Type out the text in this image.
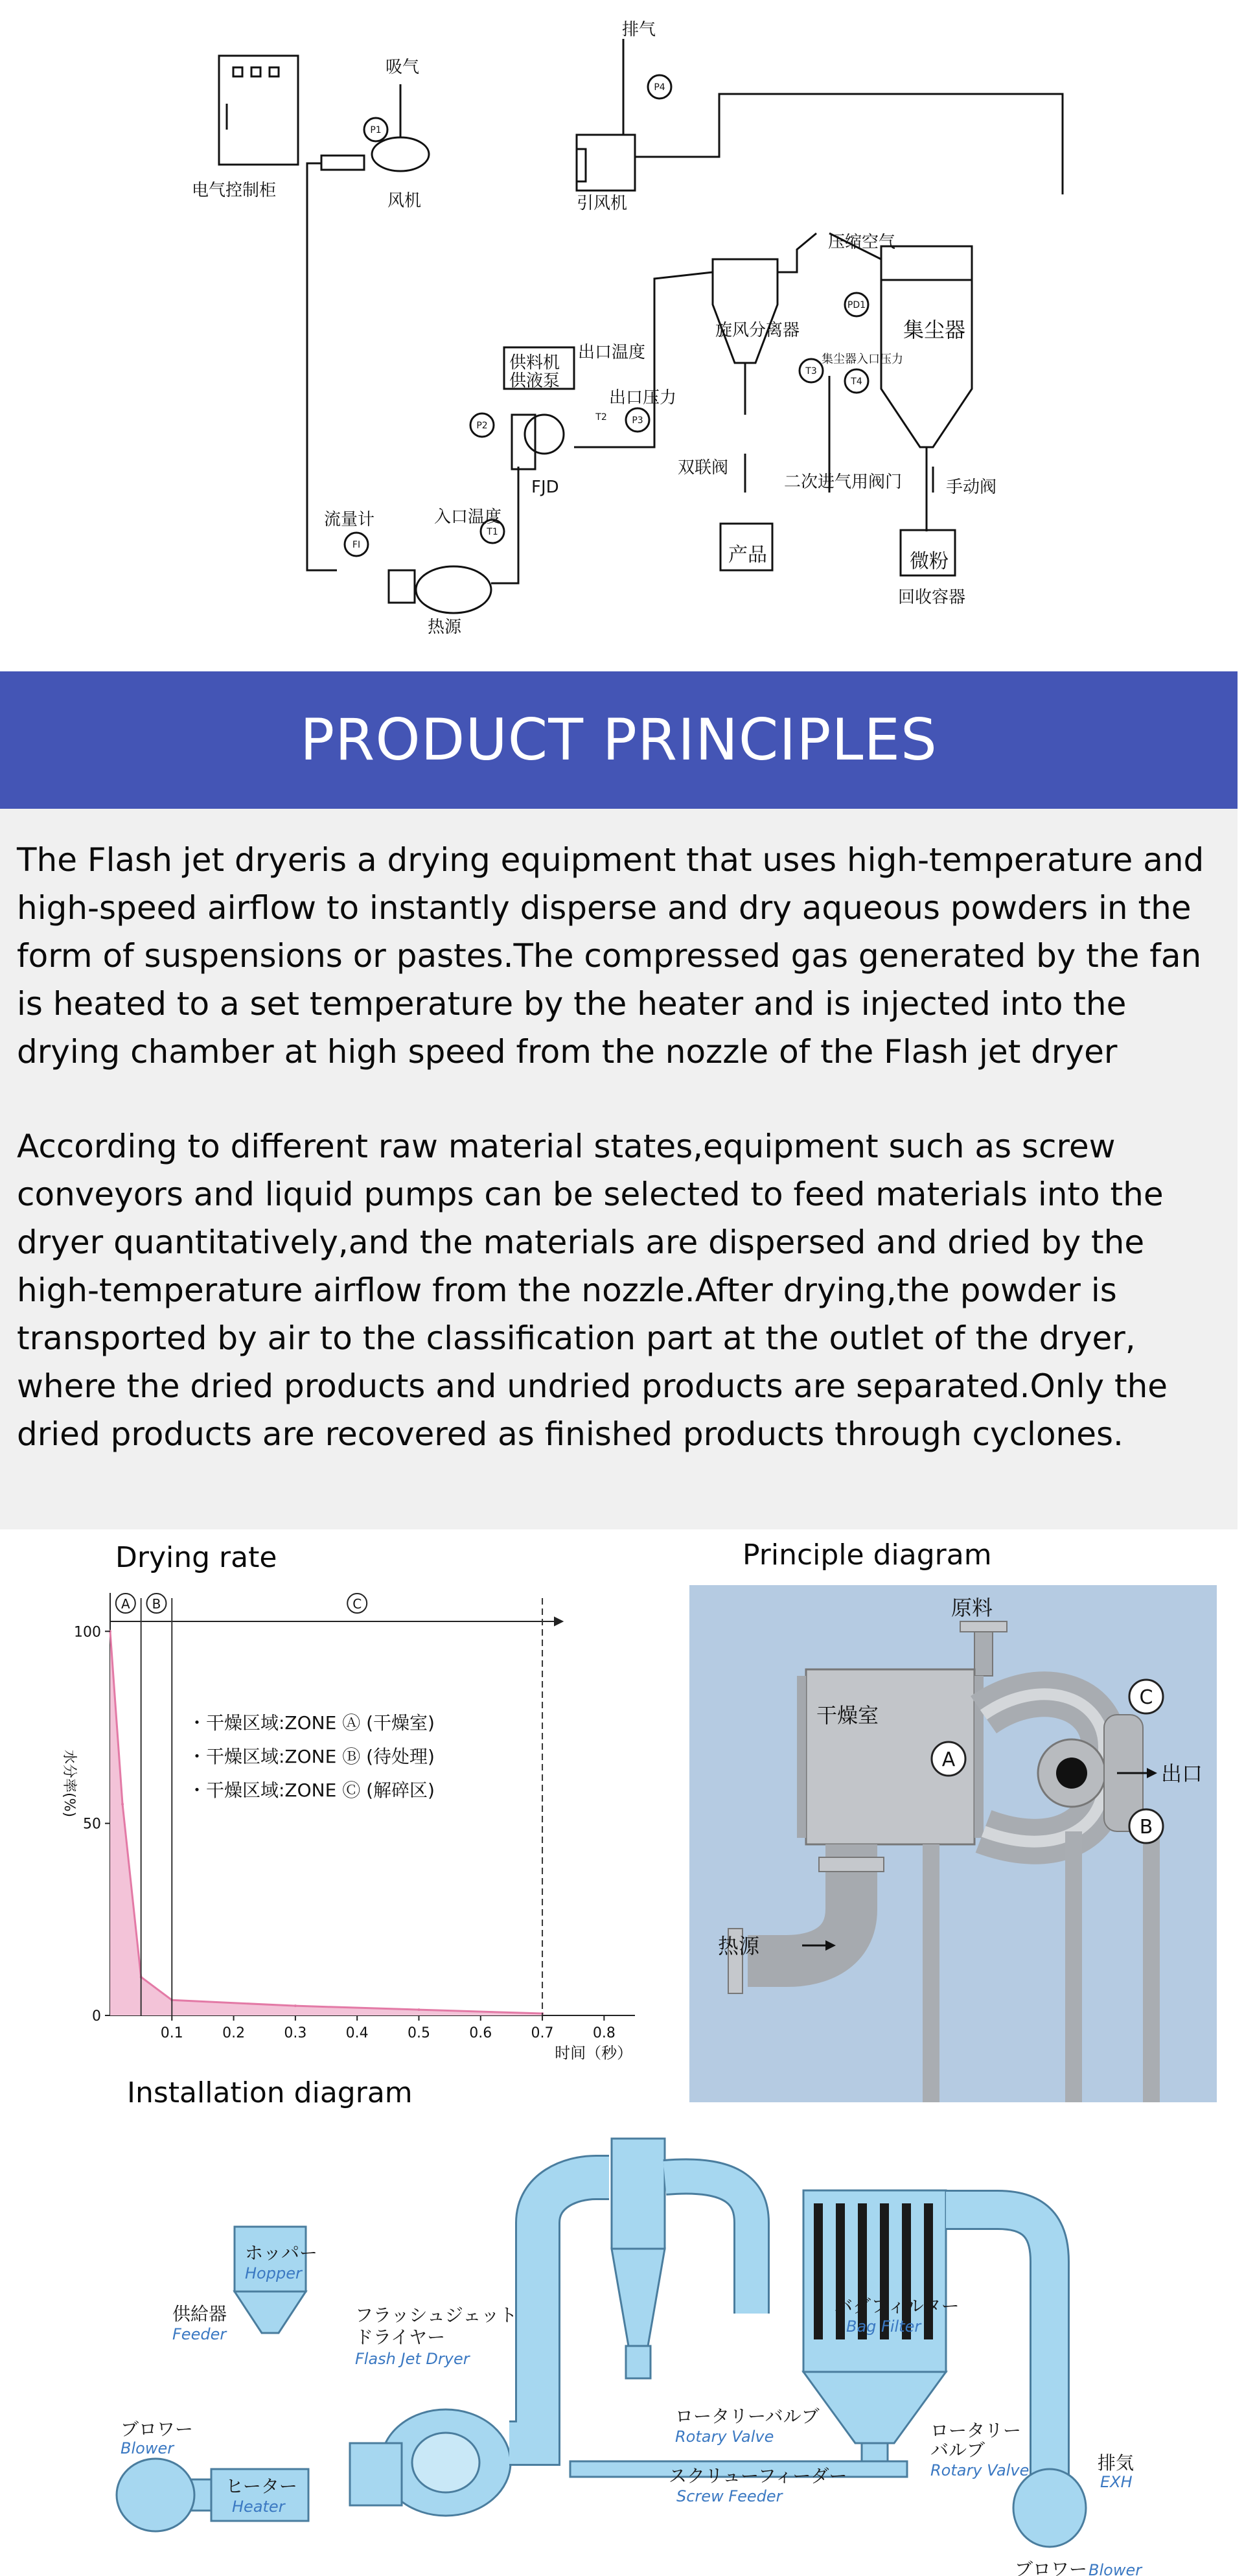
排气
吸气
电气控制柜
风机	引风机
压缩空气
旋风分离器	集尘器
出口温度
供料机
供液泵
出口压力
集尘器入口压力
双联阀
二次进气用阀门	手动阀
FJD
流量计	入口温度
热源
产品	微粉
回收容器
P1
P2	P3
P4
PD1
T1
T2
T3
T4
FI
PRODUCT PRINCIPLES

The Flash jet dryeris a drying equipment that uses high-temperature and high-speed airflow to instantly disperse and dry aqueous powders in the form of suspensions or pastes.The compressed gas generated by the fan is heated to a set temperature by the heater and is injected into the drying chamber at high speed from the nozzle of the Flash jet dryer

According to different raw material states,equipment such as screw conveyors and liquid pumps can be selected to feed materials into the dryer quantitatively,and the materials are dispersed and dried by the high-temperature airflow from the nozzle.After drying,the powder is transported by air to the classification part at the outlet of the dryer, where the dried products and undried products are separated.Only the dried products are recovered as finished products through cyclones.

Drying rate
A B	C
100
50
0
0.1	0.2	0.3	0.4	0.5	0.6	0.7	0.8
时间（秒）
水分率(%)
・干燥区域:ZONE Ⓐ (干燥室)
・干燥区域:ZONE Ⓑ (待处理)
・干燥区域:ZONE Ⓒ (解碎区)
Principle diagram
原料
干燥室
出口
热源
A
B
C
Installation diagram
ホッパー
供給器	フラッシュジェット
ドライヤー
ブロワー
ヒーター
ロータリーバルブ
スクリューフィーダー
バグフィルター
ロータリー
バルブ
排気
ブロワー
Hopper
Feeder
Flash Jet Dryer
Blower
Heater
Rotary Valve
Screw Feeder
Bag Filter
Rotary Valve
EXH
Blower
